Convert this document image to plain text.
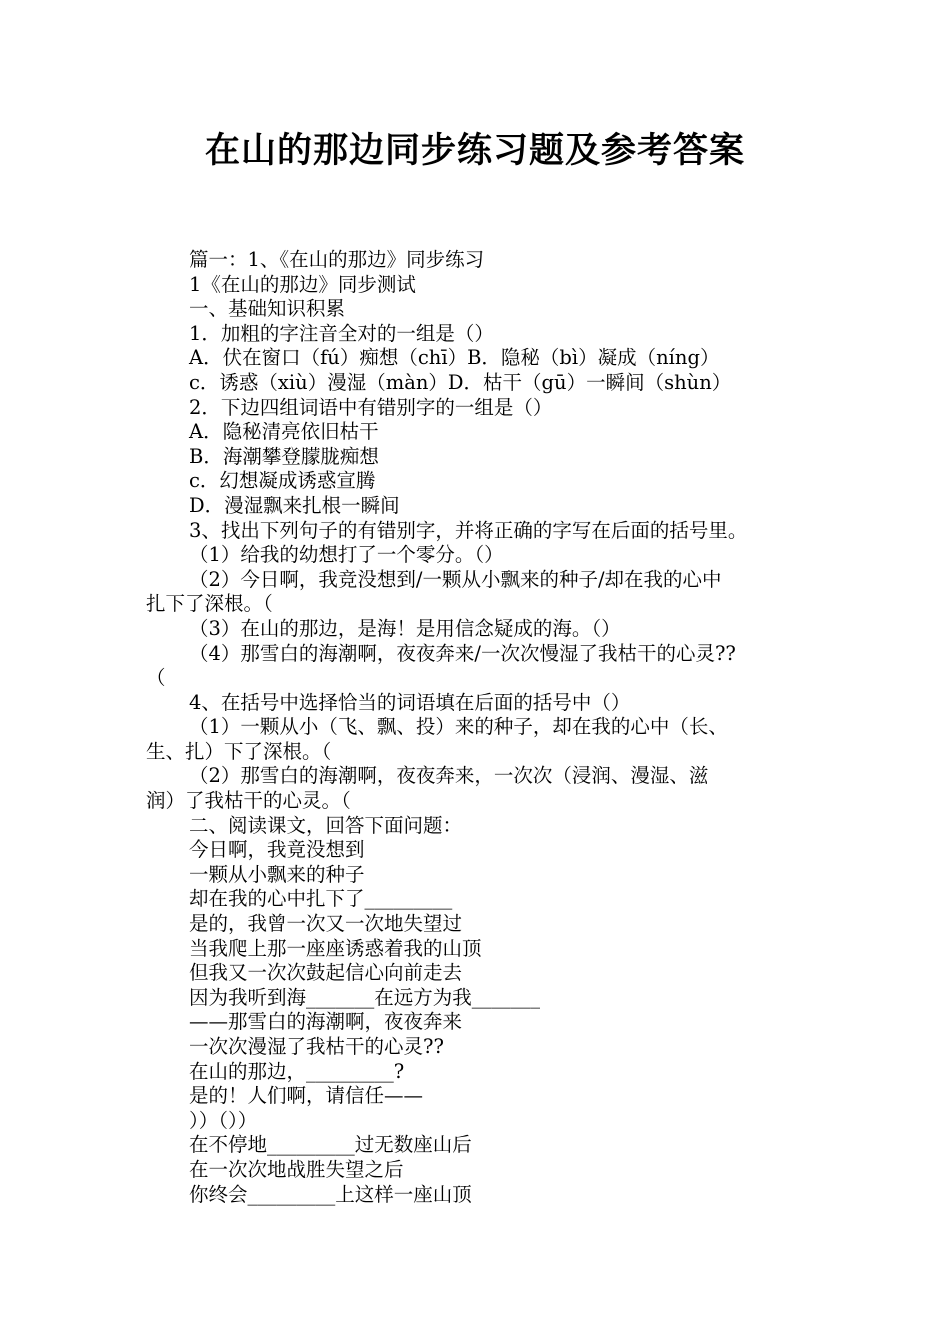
在山的那边同步练习题及参考答案

篇一：1、《在山的那边》同步练习

1《在山的那边》同步测试

一、基础知识积累

1．加粗的字注音全对的一组是（）

A．伏在窗口（fú）痴想（chī）B．隐秘（bì）凝成（níng）

c．诱惑（xiù）漫湿（màn）D．枯干（gū）一瞬间（shùn）

2．下边四组词语中有错别字的一组是（）

A．隐秘清亮依旧枯干

B．海潮攀登朦胧痴想

c．幻想凝成诱惑宣腾

D．漫湿飘来扎根一瞬间

3、找出下列句子的有错别字，并将正确的字写在后面的括号里。

（1）给我的幼想打了一个零分。（）

（2）今日啊，我竞没想到/一颗从小飘来的种子/却在我的心中

扎下了深根。（

（3）在山的那边，是海！是用信念疑成的海。（）

（4）那雪白的海潮啊，夜夜奔来/一次次慢湿了我枯干的心灵??

（

4、在括号中选择恰当的词语填在后面的括号中（）

（1）一颗从小（飞、飘、投）来的种子，却在我的心中（长、

生、扎）下了深根。（

（2）那雪白的海潮啊，夜夜奔来，一次次（浸润、漫湿、滋

润）了我枯干的心灵。（

二、阅读课文，回答下面问题：

今日啊，我竟没想到

一颗从小飘来的种子

却在我的心中扎下了_________

是的，我曾一次又一次地失望过

当我爬上那一座座诱惑着我的山顶

但我又一次次鼓起信心向前走去

因为我听到海_______在远方为我_______

——那雪白的海潮啊，夜夜奔来

一次次漫湿了我枯干的心灵??

在山的那边，_________?

是的！人们啊，请信任——

））（））

在不停地_________过无数座山后

在一次次地战胜失望之后

你终会_________上这样一座山顶
